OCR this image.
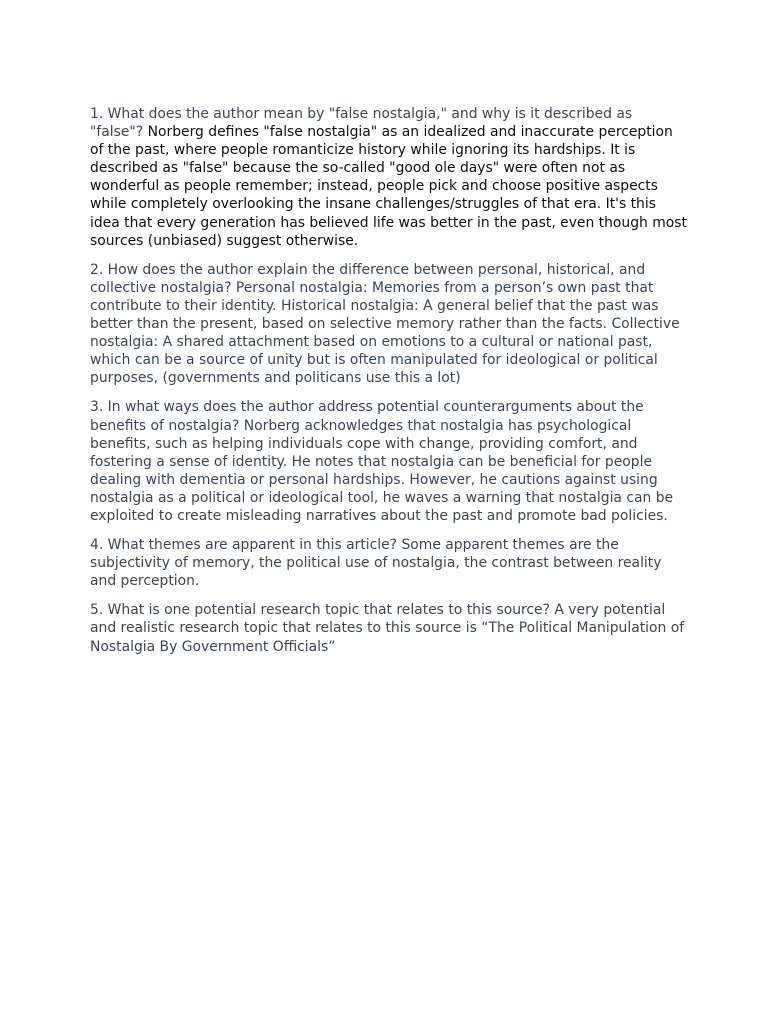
1. What does the author mean by "false nostalgia," and why is it described as "false"? Norberg defines "false nostalgia" as an idealized and inaccurate perception of the past, where people romanticize history while ignoring its hardships. It is described as "false" because the so-called "good ole days" were often not as wonderful as people remember; instead, people pick and choose positive aspects while completely overlooking the insane challenges/struggles of that era. It's this idea that every generation has believed life was better in the past, even though most sources (unbiased) suggest otherwise.

2. How does the author explain the difference between personal, historical, and collective nostalgia? Personal nostalgia: Memories from a person’s own past that contribute to their identity. Historical nostalgia: A general belief that the past was better than the present, based on selective memory rather than the facts. Collective nostalgia: A shared attachment based on emotions to a cultural or national past, which can be a source of unity but is often manipulated for ideological or political purposes, (governments and politicans use this a lot)

3. In what ways does the author address potential counterarguments about the benefits of nostalgia? Norberg acknowledges that nostalgia has psychological benefits, such as helping individuals cope with change, providing comfort, and fostering a sense of identity. He notes that nostalgia can be beneficial for people dealing with dementia or personal hardships. However, he cautions against using nostalgia as a political or ideological tool, he waves a warning that nostalgia can be exploited to create misleading narratives about the past and promote bad policies.

4. What themes are apparent in this article? Some apparent themes are the subjectivity of memory, the political use of nostalgia, the contrast between reality and perception.

5. What is one potential research topic that relates to this source? A very potential and realistic research topic that relates to this source is “The Political Manipulation of Nostalgia By Government Officials”
